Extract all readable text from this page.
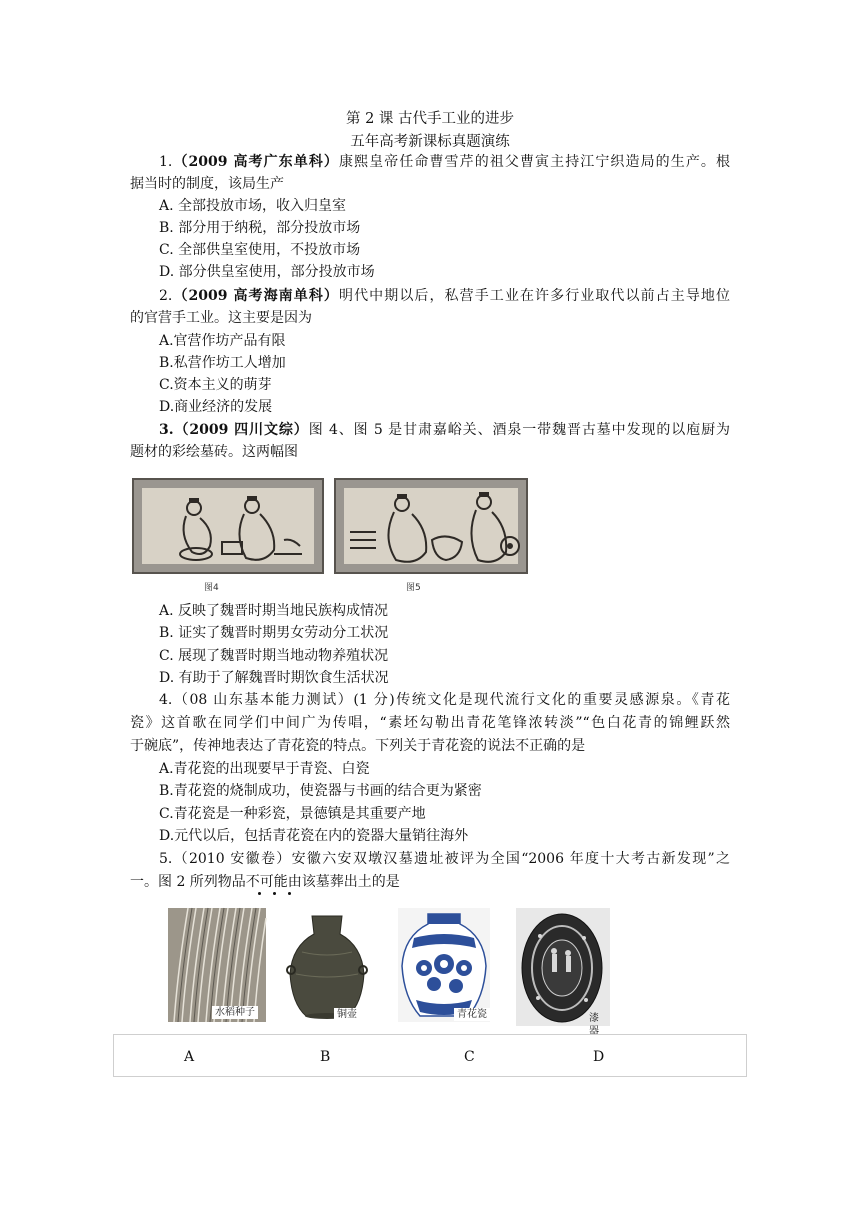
第 2 课 古代手工业的进步
五年高考新课标真题演练
1.（2009 高考广东单科）康熙皇帝任命曹雪芹的祖父曹寅主持江宁织造局的生产。根
据当时的制度，该局生产
A. 全部投放市场，收入归皇室
B. 部分用于纳税，部分投放市场
C. 全部供皇室使用，不投放市场
D. 部分供皇室使用，部分投放市场
2.（2009 高考海南单科）明代中期以后，私营手工业在许多行业取代以前占主导地位
的官营手工业。这主要是因为
A.官营作坊产品有限
B.私营作坊工人增加
C.资本主义的萌芽
D.商业经济的发展
3.（2009 四川文综）图 4、图 5 是甘肃嘉峪关、酒泉一带魏晋古墓中发现的以庖厨为
题材的彩绘墓砖。这两幅图
图4	图5
A. 反映了魏晋时期当地民族构成情况
B. 证实了魏晋时期男女劳动分工状况
C. 展现了魏晋时期当地动物养殖状况
D. 有助于了解魏晋时期饮食生活状况
4.（08 山东基本能力测试）(1 分)传统文化是现代流行文化的重要灵感源泉。《青花
瓷》这首歌在同学们中间广为传唱，“素坯勾勒出青花笔锋浓转淡”“色白花青的锦鲤跃然
于碗底”，传神地表达了青花瓷的特点。下列关于青花瓷的说法不正确的是
A.青花瓷的出现要早于青瓷、白瓷
B.青花瓷的烧制成功，使瓷器与书画的结合更为紧密
C.青花瓷是一种彩瓷，景德镇是其重要产地
D.元代以后，包括青花瓷在内的瓷器大量销往海外
5.（2010 安徽卷）安徽六安双墩汉墓遗址被评为全国“2006 年度十大考古新发现”之
一。图 2 所列物品不可能由该墓葬出土的是
水稻种子	铜壶	青花瓷	漆器
A	B	C	D
